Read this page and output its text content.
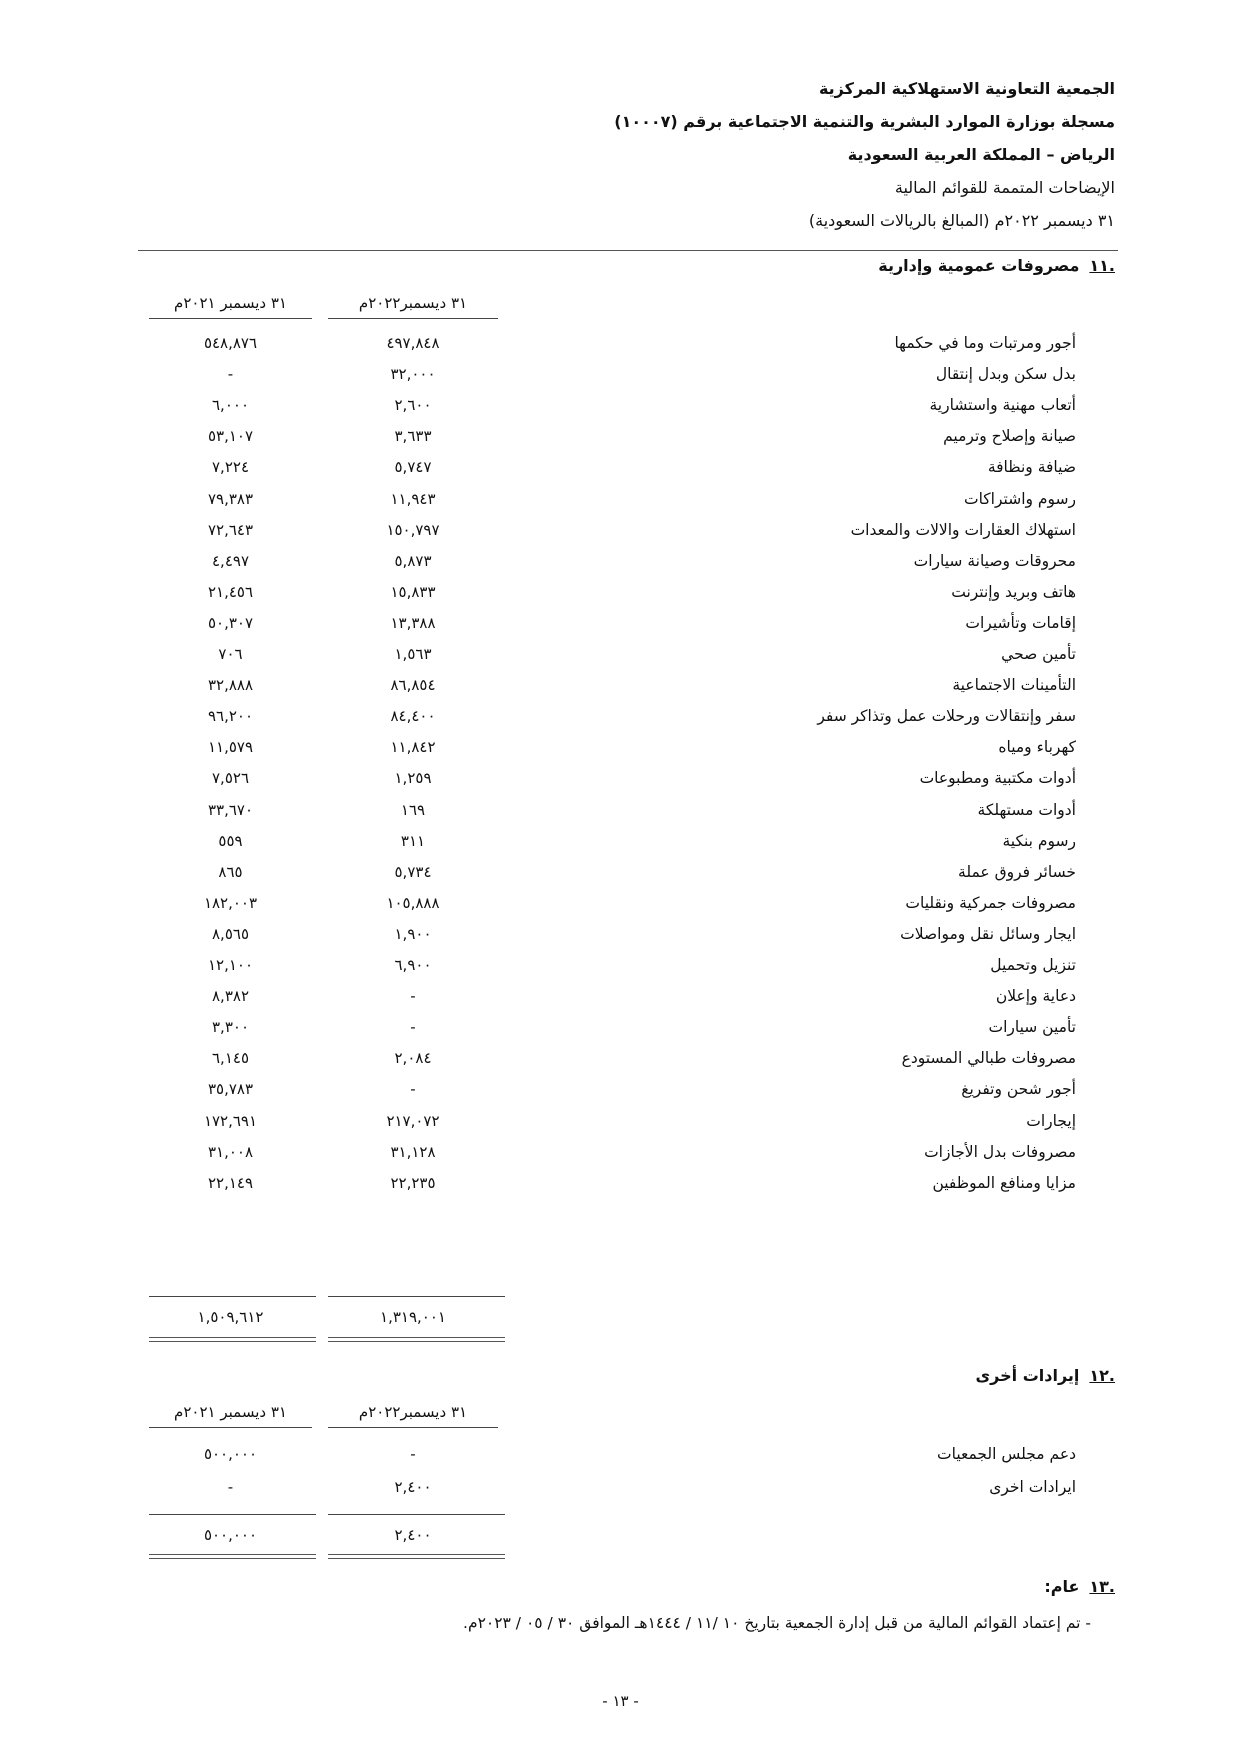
الجمعية التعاونية الاستهلاكية المركزية
مسجلة بوزارة الموارد البشرية والتنمية الاجتماعية برقم (١٠٠٠٧)
الرياض – المملكة العربية السعودية
الإيضاحات المتممة للقوائم المالية
٣١ ديسمبر ٢٠٢٢م (المبالغ بالريالات السعودية)
.١١مصروفات عمومية وإدارية
٣١ ديسمبر٢٠٢٢م
٣١ ديسمبر ٢٠٢١م
أجور ومرتبات وما في حكمها
٤٩٧,٨٤٨
٥٤٨,٨٧٦
بدل سكن وبدل إنتقال
٣٢,٠٠٠
-
أتعاب مهنية واستشارية
٢,٦٠٠
٦,٠٠٠
صيانة وإصلاح وترميم
٣,٦٣٣
٥٣,١٠٧
ضيافة ونظافة
٥,٧٤٧
٧,٢٢٤
رسوم واشتراكات
١١,٩٤٣
٧٩,٣٨٣
استهلاك العقارات والالات والمعدات
١٥٠,٧٩٧
٧٢,٦٤٣
محروقات وصيانة سيارات
٥,٨٧٣
٤,٤٩٧
هاتف وبريد وإنترنت
١٥,٨٣٣
٢١,٤٥٦
إقامات وتأشيرات
١٣,٣٨٨
٥٠,٣٠٧
تأمين صحي
١,٥٦٣
٧٠٦
التأمينات الاجتماعية
٨٦,٨٥٤
٣٢,٨٨٨
سفر وإنتقالات ورحلات عمل وتذاكر سفر
٨٤,٤٠٠
٩٦,٢٠٠
كهرباء ومياه
١١,٨٤٢
١١,٥٧٩
أدوات مكتبية ومطبوعات
١,٢٥٩
٧,٥٢٦
أدوات مستهلكة
١٦٩
٣٣,٦٧٠
رسوم بنكية
٣١١
٥٥٩
خسائر فروق عملة
٥,٧٣٤
٨٦٥
مصروفات جمركية ونقليات
١٠٥,٨٨٨
١٨٢,٠٠٣
ايجار وسائل نقل ومواصلات
١,٩٠٠
٨,٥٦٥
تنزيل وتحميل
٦,٩٠٠
١٢,١٠٠
دعاية وإعلان
-
٨,٣٨٢
تأمين سيارات
-
٣,٣٠٠
مصروفات طبالي المستودع
٢,٠٨٤
٦,١٤٥
أجور شحن وتفريغ
-
٣٥,٧٨٣
إيجارات
٢١٧,٠٧٢
١٧٢,٦٩١
مصروفات بدل الأجازات
٣١,١٢٨
٣١,٠٠٨
مزايا ومنافع الموظفين
٢٢,٢٣٥
٢٢,١٤٩
١,٣١٩,٠٠١
١,٥٠٩,٦١٢
.١٢إيرادات أخرى
٣١ ديسمبر٢٠٢٢م
٣١ ديسمبر ٢٠٢١م
دعم مجلس الجمعيات
-
٥٠٠,٠٠٠
ايرادات اخرى
٢,٤٠٠
-
٢,٤٠٠
٥٠٠,٠٠٠
.١٣عام:
- تم إعتماد القوائم المالية من قبل إدارة الجمعية بتاريخ ١٠ /١١ / ١٤٤٤هـ الموافق ٣٠ / ٠٥ / ٢٠٢٣م.
- ١٣ -
